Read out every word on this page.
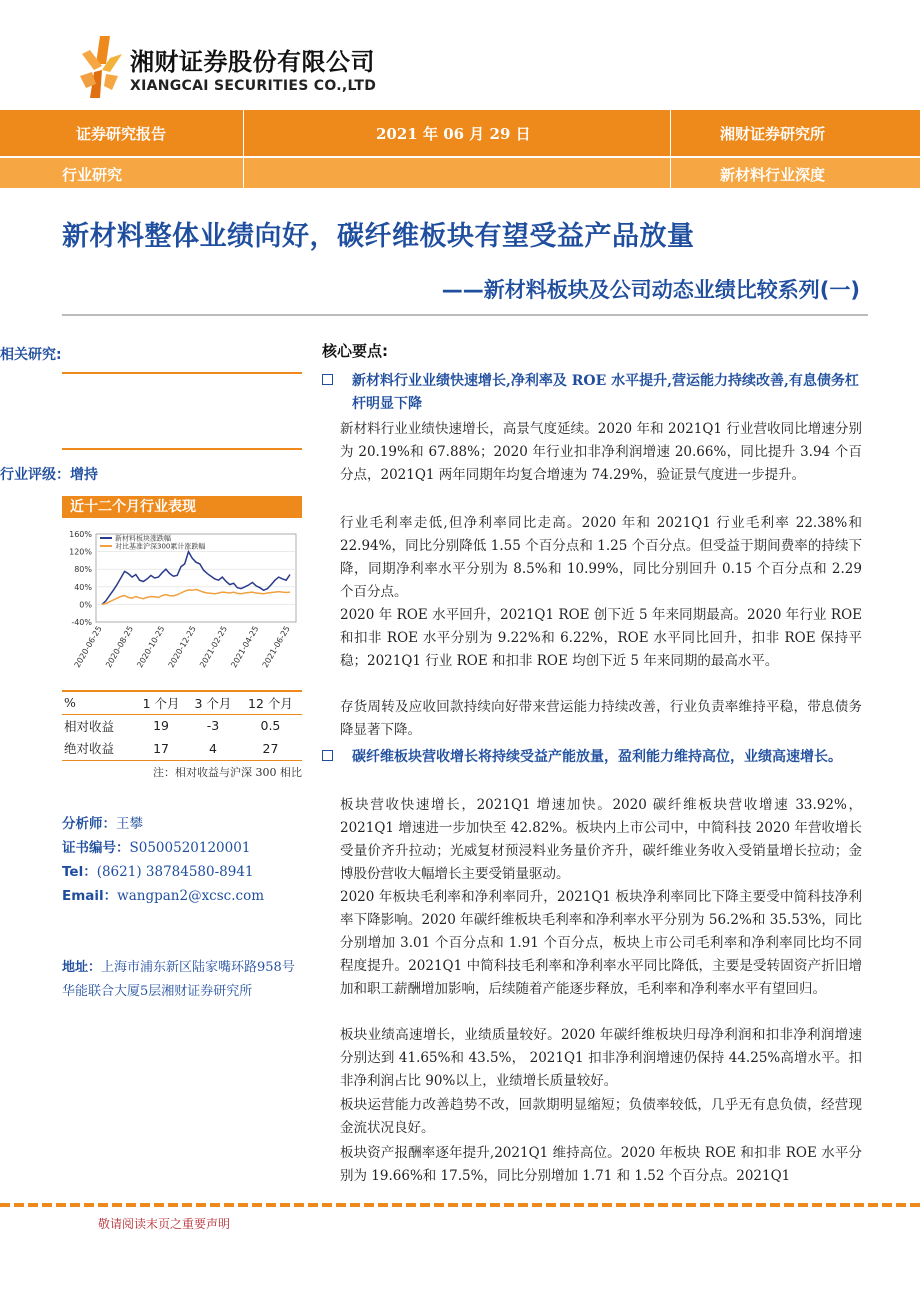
湘财证券股份有限公司
XIANGCAI SECURITIES CO.,LTD
证券研究报告	2021 年 06 月 29 日	湘财证券研究所
行业研究	新材料行业深度
新材料整体业绩向好，碳纤维板块有望受益产品放量
——新材料板块及公司动态业绩比较系列(一)
相关研究:
行业评级：增持
近十二个月行业表现
160%
120%
80%
40%
0%
-40%
2020-06-25 2020-08-25 2020-10-25 2020-12-25 2021-02-25 2021-04-25 2021-06-25
新材料板块涨跌幅
对比基准沪深300累计涨跌幅
%	1 个月	3 个月	12 个月
相对收益	19	-3	0.5
绝对收益	17	4	27
注：相对收益与沪深 300 相比
分析师：王攀
证书编号：S0500520120001
Tel：(8621) 38784580-8941
Email：wangpan2@xcsc.com
地址：上海市浦东新区陆家嘴环路958号华能联合大厦5层湘财证券研究所
核心要点:
新材料行业业绩快速增长,净利率及 ROE 水平提升,营运能力持续改善,有息债务杠杆明显下降
新材料行业业绩快速增长，高景气度延续。2020 年和 2021Q1 行业营收同比增速分别为 20.19%和 67.88%；2020 年行业扣非净利润增速 20.66%，同比提升 3.94 个百分点，2021Q1 两年同期年均复合增速为 74.29%，验证景气度进一步提升。
行业毛利率走低,但净利率同比走高。2020 年和 2021Q1 行业毛利率 22.38%和 22.94%，同比分别降低 1.55 个百分点和 1.25 个百分点。但受益于期间费率的持续下降，同期净利率水平分别为 8.5%和 10.99%，同比分别回升 0.15 个百分点和 2.29 个百分点。
2020 年 ROE 水平回升，2021Q1 ROE 创下近 5 年来同期最高。2020 年行业 ROE 和扣非 ROE 水平分别为 9.22%和 6.22%，ROE 水平同比回升，扣非 ROE 保持平稳；2021Q1 行业 ROE 和扣非 ROE 均创下近 5 年来同期的最高水平。
存货周转及应收回款持续向好带来营运能力持续改善，行业负责率维持平稳，带息债务降显著下降。
碳纤维板块营收增长将持续受益产能放量，盈利能力维持高位，业绩高速增长。
板块营收快速增长，2021Q1 增速加快。2020 碳纤维板块营收增速 33.92%，2021Q1 增速进一步加快至 42.82%。板块内上市公司中，中简科技 2020 年营收增长受量价齐升拉动；光威复材预浸料业务量价齐升，碳纤维业务收入受销量增长拉动；金博股份营收大幅增长主要受销量驱动。
2020 年板块毛利率和净利率同升，2021Q1 板块净利率同比下降主要受中简科技净利率下降影响。2020 年碳纤维板块毛利率和净利率水平分别为 56.2%和 35.53%，同比分别增加 3.01 个百分点和 1.91 个百分点，板块上市公司毛利率和净利率同比均不同程度提升。2021Q1 中简科技毛利率和净利率水平同比降低，主要是受转固资产折旧增加和职工薪酬增加影响，后续随着产能逐步释放，毛利率和净利率水平有望回归。
板块业绩高速增长，业绩质量较好。2020 年碳纤维板块归母净利润和扣非净利润增速分别达到 41.65%和 43.5%， 2021Q1 扣非净利润增速仍保持 44.25%高增水平。扣非净利润占比 90%以上，业绩增长质量较好。
板块运营能力改善趋势不改，回款期明显缩短；负债率较低，几乎无有息负债，经营现金流状况良好。
板块资产报酬率逐年提升,2021Q1 维持高位。2020 年板块 ROE 和扣非 ROE 水平分别为 19.66%和 17.5%，同比分别增加 1.71 和 1.52 个百分点。2021Q1
敬请阅读末页之重要声明
